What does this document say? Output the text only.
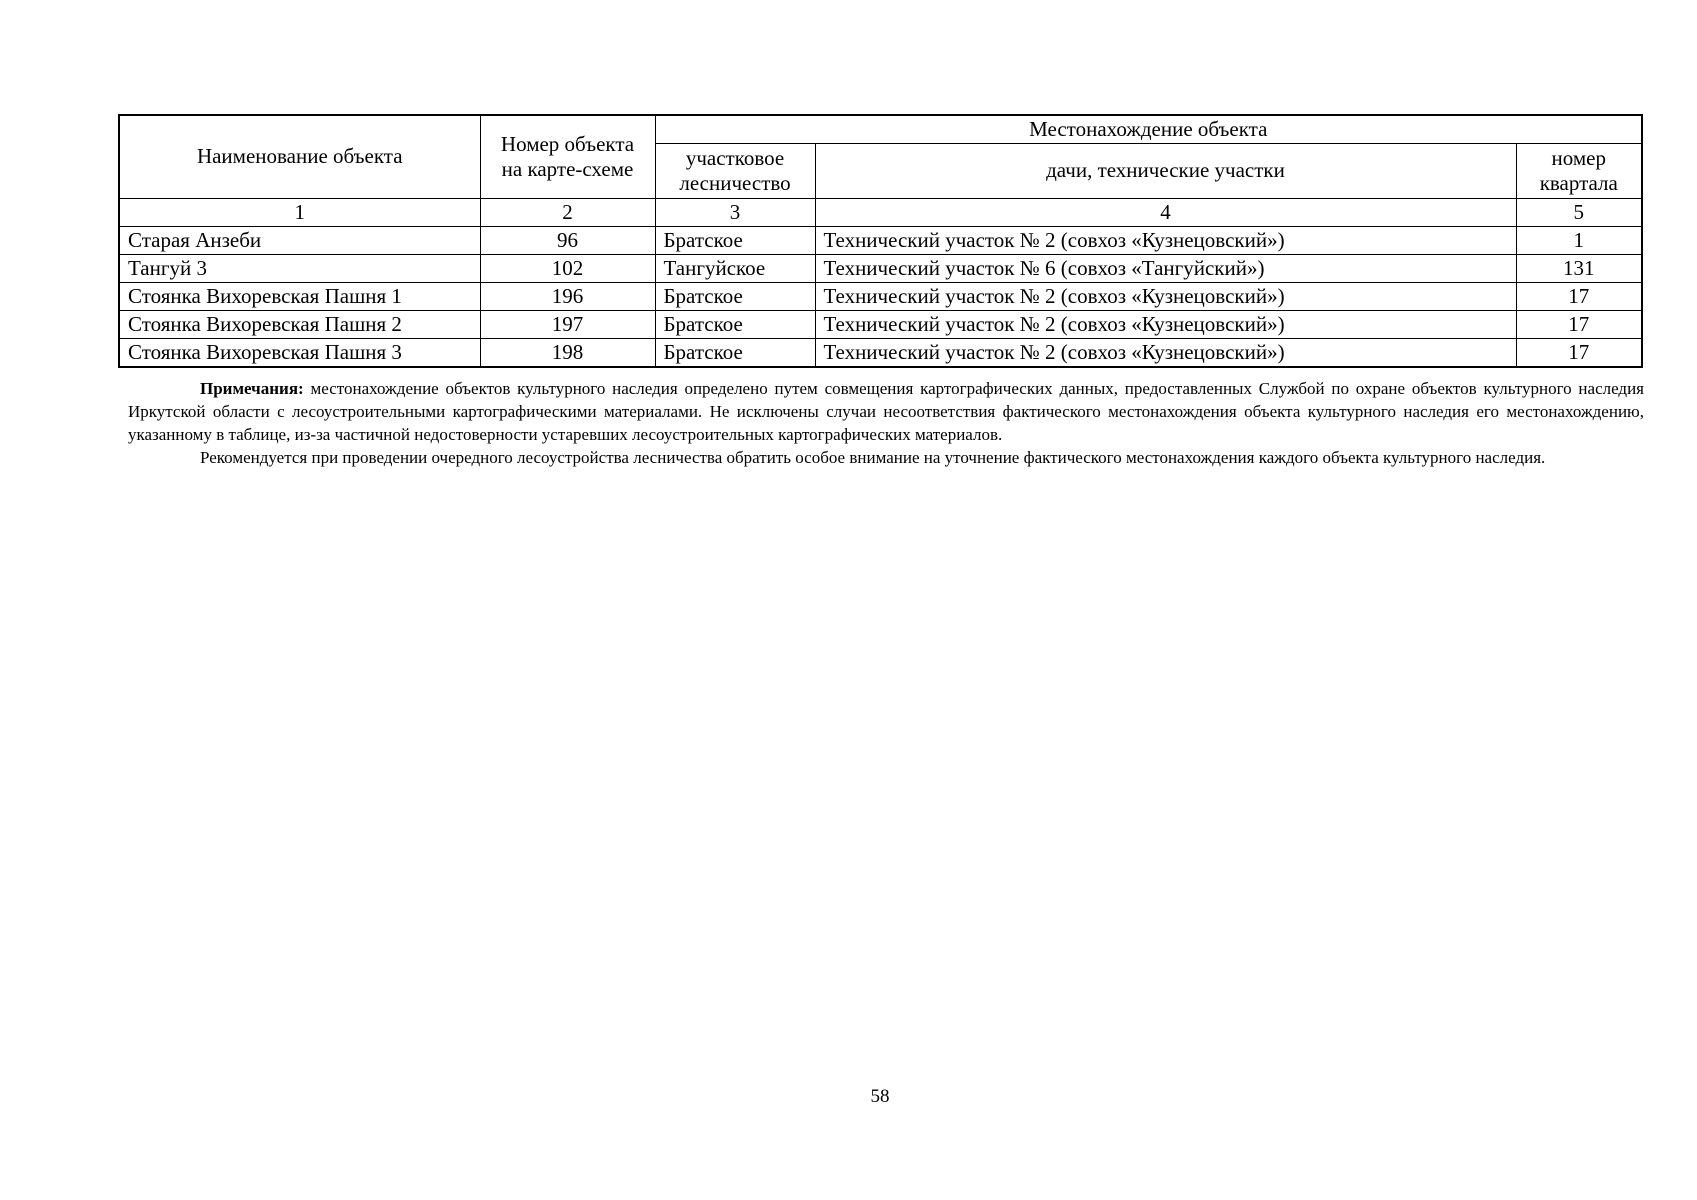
Наименование объекта	Номер объекта на карте-схеме	Местонахождение объекта		
		участковое лесничество	дачи, технические участки	номер квартала
1	2	3	4	5
Старая Анзеби	96	Братское	Технический участок № 2 (совхоз «Кузнецовский»)	1
Тангуй 3	102	Тангуйское	Технический участок № 6 (совхоз «Тангуйский»)	131
Стоянка Вихоревская Пашня 1	196	Братское	Технический участок № 2 (совхоз «Кузнецовский»)	17
Стоянка Вихоревская Пашня 2	197	Братское	Технический участок № 2 (совхоз «Кузнецовский»)	17
Стоянка Вихоревская Пашня 3	198	Братское	Технический участок № 2 (совхоз «Кузнецовский»)	17

Примечания: местонахождение объектов культурного наследия определено путем совмещения картографических данных, предоставленных Службой по охране объектов культурного наследия Иркутской области с лесоустроительными картографическими материалами. Не исключены случаи несоответствия фактического местонахождения объекта культурного наследия его местонахождению, указанному в таблице, из-за частичной недостоверности устаревших лесоустроительных картографических материалов.

Рекомендуется при проведении очередного лесоустройства лесничества обратить особое внимание на уточнение фактического местонахождения каждого объекта культурного наследия.

58
